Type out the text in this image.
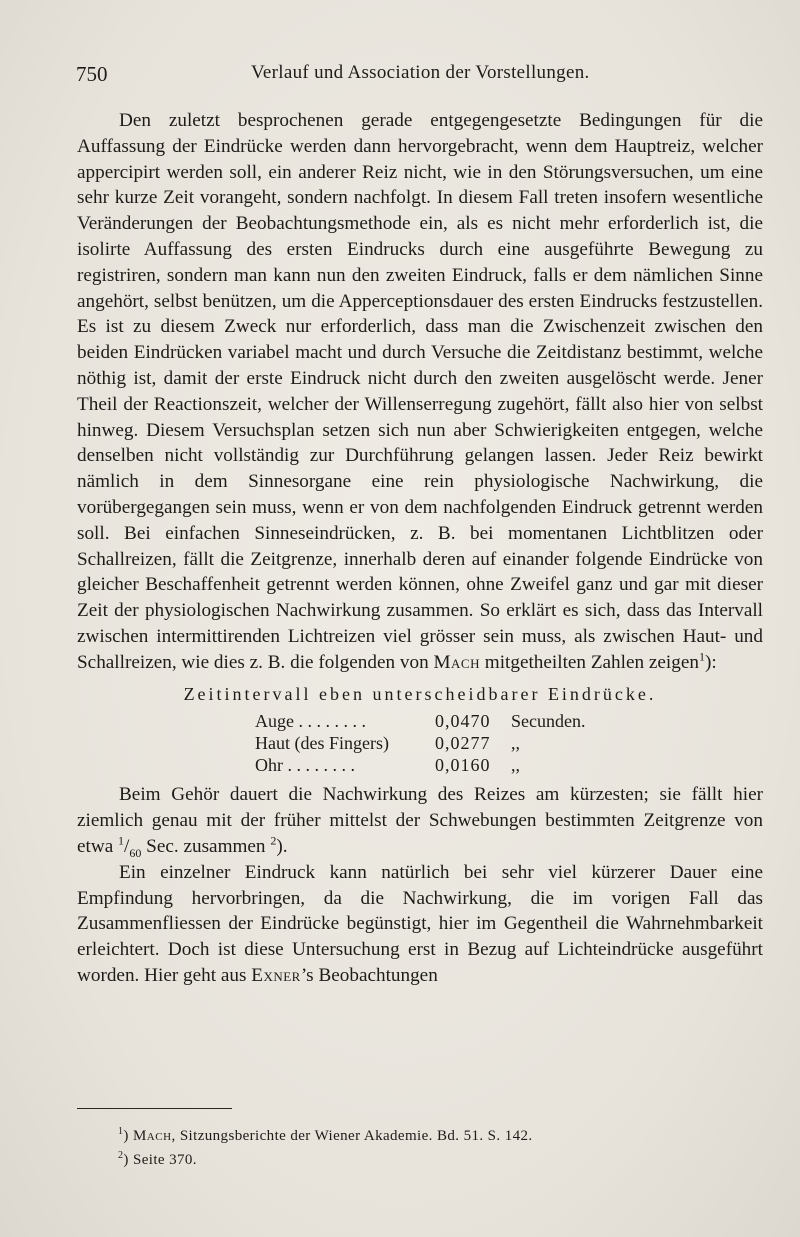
750	Verlauf und Association der Vorstellungen.

Den zuletzt besprochenen gerade entgegengesetzte Bedingungen für die Auffassung der Eindrücke werden dann hervorgebracht, wenn dem Hauptreiz, welcher appercipirt werden soll, ein anderer Reiz nicht, wie in den Störungsversuchen, um eine sehr kurze Zeit vorangeht, sondern nachfolgt. In diesem Fall treten insofern wesentliche Veränderungen der Beobachtungsmethode ein, als es nicht mehr erforderlich ist, die isolirte Auffassung des ersten Eindrucks durch eine ausgeführte Bewegung zu registriren, sondern man kann nun den zweiten Eindruck, falls er dem nämlichen Sinne angehört, selbst benützen, um die Apperceptionsdauer des ersten Eindrucks festzustellen. Es ist zu diesem Zweck nur erforderlich, dass man die Zwischenzeit zwischen den beiden Eindrücken variabel macht und durch Versuche die Zeitdistanz bestimmt, welche nöthig ist, damit der erste Eindruck nicht durch den zweiten ausgelöscht werde. Jener Theil der Reactionszeit, welcher der Willenserregung zugehört, fällt also hier von selbst hinweg. Diesem Versuchsplan setzen sich nun aber Schwierigkeiten entgegen, welche denselben nicht vollständig zur Durchführung gelangen lassen. Jeder Reiz bewirkt nämlich in dem Sinnesorgane eine rein physiologische Nachwirkung, die vorübergegangen sein muss, wenn er von dem nachfolgenden Eindruck getrennt werden soll. Bei einfachen Sinneseindrücken, z. B. bei momentanen Lichtblitzen oder Schallreizen, fällt die Zeitgrenze, innerhalb deren auf einander folgende Eindrücke von gleicher Beschaffenheit getrennt werden können, ohne Zweifel ganz und gar mit dieser Zeit der physiologischen Nachwirkung zusammen. So erklärt es sich, dass das Intervall zwischen intermittirenden Lichtreizen viel grösser sein muss, als zwischen Haut- und Schallreizen, wie dies z. B. die folgenden von Mach mitgetheilten Zahlen zeigen$^1$):

Zeitintervall eben unterscheidbarer Eindrücke.
Auge . . . . . . . .	0,0470	Secunden.
Haut (des Fingers)	0,0277	,,
Ohr . . . . . . . .	0,0160	,,

Beim Gehör dauert die Nachwirkung des Reizes am kürzesten; sie fällt hier ziemlich genau mit der früher mittelst der Schwebungen bestimmten Zeitgrenze von etwa $^1/_{60}$ Sec. zusammen $^2$).

Ein einzelner Eindruck kann natürlich bei sehr viel kürzerer Dauer eine Empfindung hervorbringen, da die Nachwirkung, die im vorigen Fall das Zusammenfliessen der Eindrücke begünstigt, hier im Gegentheil die Wahrnehmbarkeit erleichtert. Doch ist diese Untersuchung erst in Bezug auf Lichteindrücke ausgeführt worden. Hier geht aus Exner’s Beobachtungen

$^1$) Mach, Sitzungsberichte der Wiener Akademie. Bd. 51. S. 142.
$^2$) Seite 370.
